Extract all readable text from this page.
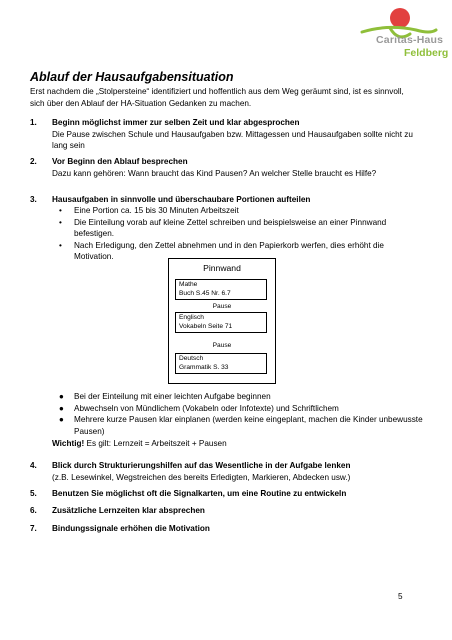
Caritas-Haus
Feldberg
Ablauf der Hausaufgabensituation

Erst nachdem die „Stolpersteine“ identifiziert und hoffentlich aus dem Weg geräumt sind, ist es sinnvoll, sich über den Ablauf der HA-Situation Gedanken zu machen.

1. Beginn möglichst immer zur selben Zeit und klar abgesprochen
Die Pause zwischen Schule und Hausaufgaben bzw. Mittagessen und Hausaufgaben sollte nicht zu lang sein
2. Vor Beginn den Ablauf besprechen
Dazu kann gehören: Wann braucht das Kind Pausen? An welcher Stelle braucht es Hilfe?
3. Hausaufgaben in sinnvolle und überschaubare Portionen aufteilen
• Eine Portion ca. 15 bis 30 Minuten Arbeitszeit
• Die Einteilung vorab auf kleine Zettel schreiben und beispielsweise an einer Pinnwand befestigen.
• Nach Erledigung, den Zettel abnehmen und in den Papierkorb werfen, dies erhöht die Motivation.
Pinnwand
Mathe
Buch S.45 Nr. 6.7
Pause
Englisch
Vokabeln Seite 71
Pause
Deutsch
Grammatik S. 33
● Bei der Einteilung mit einer leichten Aufgabe beginnen
● Abwechseln von Mündlichem (Vokabeln oder Infotexte) und Schriftlichem
● Mehrere kurze Pausen klar einplanen (werden keine eingeplant, machen die Kinder unbewusste Pausen)
Wichtig! Es gilt: Lernzeit = Arbeitszeit + Pausen
4. Blick durch Strukturierungshilfen auf das Wesentliche in der Aufgabe lenken
(z.B. Lesewinkel, Wegstreichen des bereits Erledigten, Markieren, Abdecken usw.)
5. Benutzen Sie möglichst oft die Signalkarten, um eine Routine zu entwickeln
6. Zusätzliche Lernzeiten klar absprechen
7. Bindungssignale erhöhen die Motivation
5
